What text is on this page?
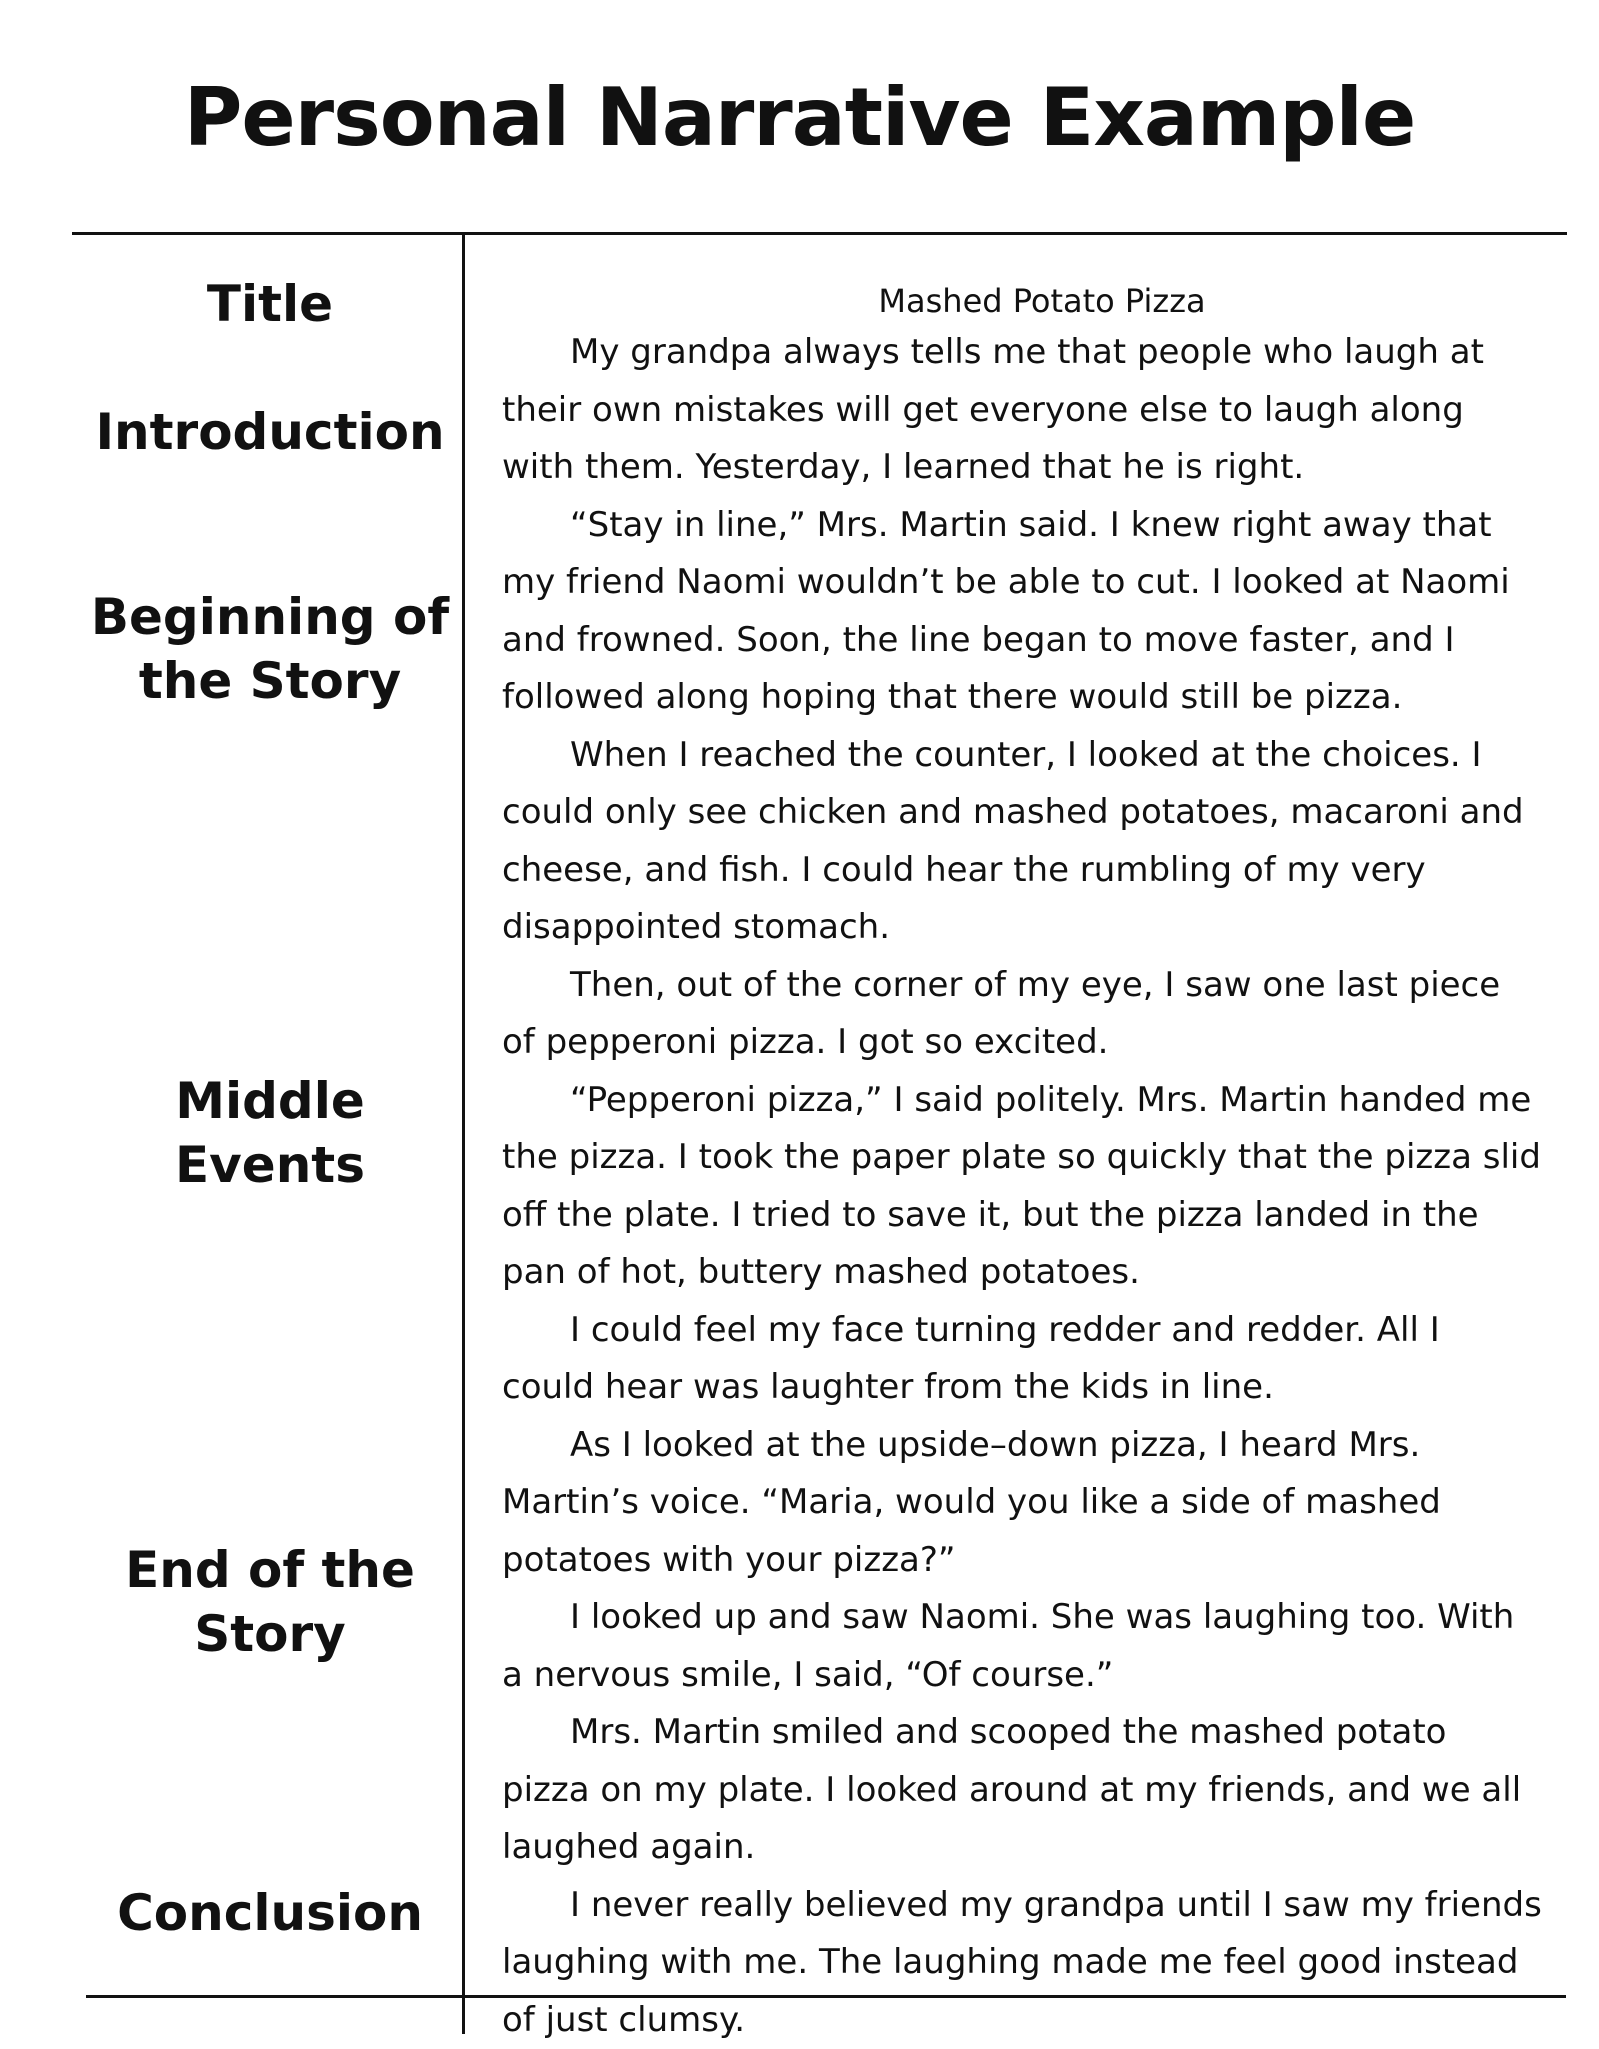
Personal Narrative Example
Title
Introduction
Beginning of
the Story
Middle Events
End of the
Story
Conclusion
Mashed Potato Pizza

My grandpa always tells me that people who laugh at their own mistakes will get everyone else to laugh along with them. Yesterday, I learned that he is right.

“Stay in line,” Mrs. Martin said. I knew right away that my friend Naomi wouldn’t be able to cut. I looked at Naomi and frowned. Soon, the line began to move faster, and I followed along hoping that there would still be pizza.

When I reached the counter, I looked at the choices. I could only see chicken and mashed potatoes, macaroni and cheese, and fish. I could hear the rumbling of my very disappointed stomach.

Then, out of the corner of my eye, I saw one last piece of pepperoni pizza. I got so excited.

“Pepperoni pizza,” I said politely. Mrs. Martin handed me the pizza. I took the paper plate so quickly that the pizza slid off the plate. I tried to save it, but the pizza landed in the pan of hot, buttery mashed potatoes.

I could feel my face turning redder and redder. All I could hear was laughter from the kids in line.

As I looked at the upside–down pizza, I heard Mrs. Martin’s voice. “Maria, would you like a side of mashed potatoes with your pizza?”

I looked up and saw Naomi. She was laughing too. With a nervous smile, I said, “Of course.”

Mrs. Martin smiled and scooped the mashed potato pizza on my plate. I looked around at my friends, and we all laughed again.

I never really believed my grandpa until I saw my friends laughing with me. The laughing made me feel good instead of just clumsy.
